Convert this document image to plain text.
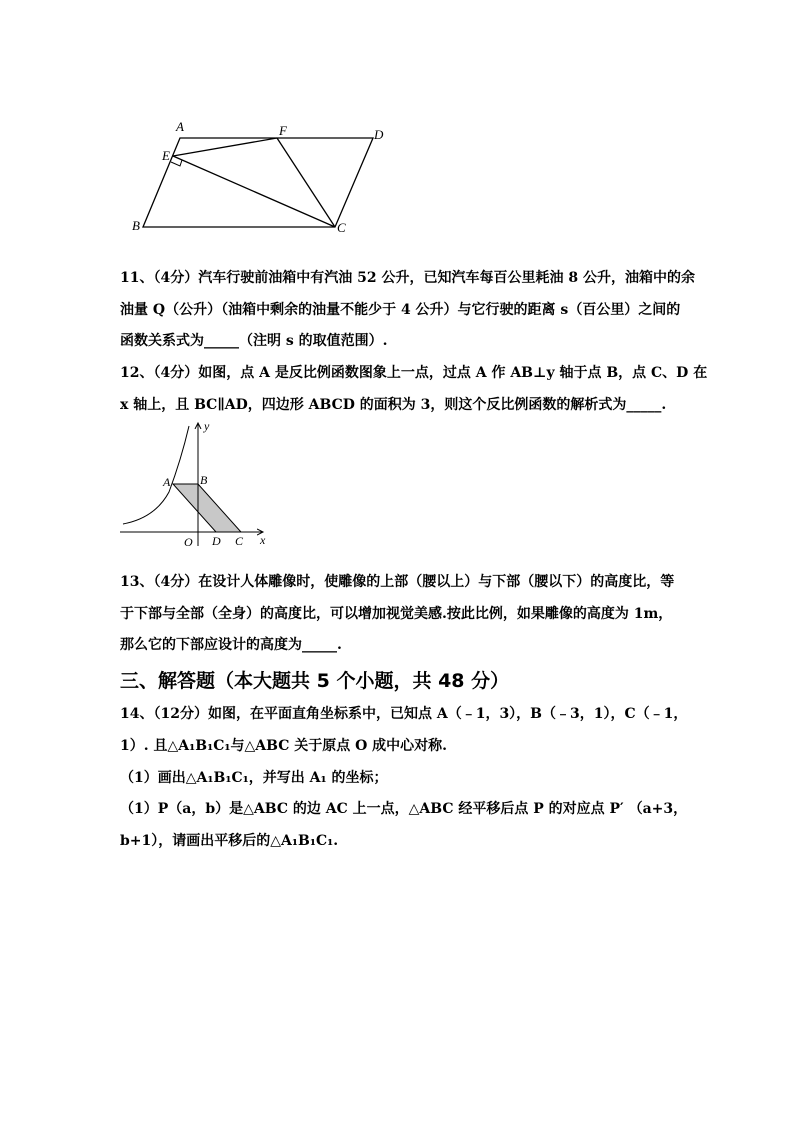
A	F	D
E
B	C
11、（4分）汽车行驶前油箱中有汽油 52 公升，已知汽车每百公里耗油 8 公升，油箱中的余
油量 Q（公升）（油箱中剩余的油量不能少于 4 公升）与它行驶的距离 s（百公里）之间的
函数关系式为_____（注明 s 的取值范围）.
12、（4分）如图，点 A 是反比例函数图象上一点，过点 A 作 AB⊥y 轴于点 B，点 C、D 在
x 轴上，且 BC∥AD，四边形 ABCD 的面积为 3，则这个反比例函数的解析式为_____.
y
x
A B
O D C
13、（4分）在设计人体雕像时，使雕像的上部（腰以上）与下部（腰以下）的高度比，等
于下部与全部（全身）的高度比，可以增加视觉美感.按此比例，如果雕像的高度为 1m，
那么它的下部应设计的高度为_____.
三、解答题（本大题共 5 个小题，共 48 分）
14、（12分）如图，在平面直角坐标系中，已知点 A（﹣1，3），B（﹣3，1），C（﹣1，
1）. 且△A₁B₁C₁与△ABC 关于原点 O 成中心对称.
（1）画出△A₁B₁C₁，并写出 A₁ 的坐标；
（1）P（a，b）是△ABC 的边 AC 上一点，△ABC 经平移后点 P 的对应点 P′ （a+3，
b+1），请画出平移后的△A₁B₁C₁.
